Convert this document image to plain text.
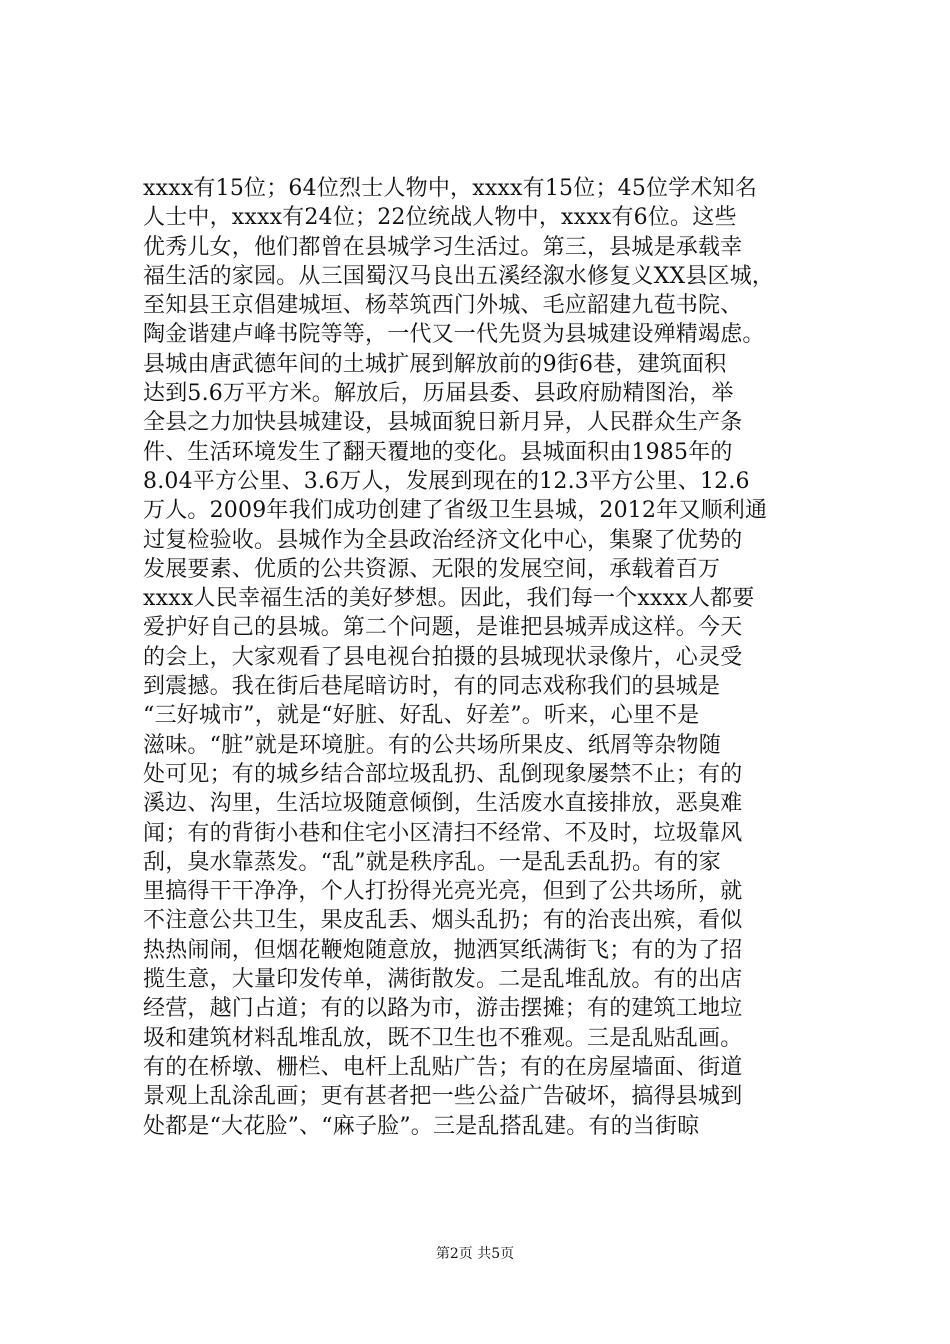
xxxx有15位；64位烈士人物中，xxxx有15位；45位学术知名
人士中，xxxx有24位；22位统战人物中，xxxx有6位。这些
优秀儿女，他们都曾在县城学习生活过。第三，县城是承载幸
福生活的家园。从三国蜀汉马良出五溪经溆水修复义XX县区城，
至知县王京倡建城垣、杨萃筑西门外城、毛应韶建九苞书院、
陶金谐建卢峰书院等等，一代又一代先贤为县城建设殚精竭虑。
县城由唐武德年间的土城扩展到解放前的9街6巷，建筑面积
达到5.6万平方米。解放后，历届县委、县政府励精图治，举
全县之力加快县城建设，县城面貌日新月异，人民群众生产条
件、生活环境发生了翻天覆地的变化。县城面积由1985年的
8.04平方公里、3.6万人，发展到现在的12.3平方公里、12.6
万人。2009年我们成功创建了省级卫生县城，2012年又顺利通
过复检验收。县城作为全县政治经济文化中心，集聚了优势的
发展要素、优质的公共资源、无限的发展空间，承载着百万
xxxx人民幸福生活的美好梦想。因此，我们每一个xxxx人都要
爱护好自己的县城。第二个问题，是谁把县城弄成这样。今天
的会上，大家观看了县电视台拍摄的县城现状录像片，心灵受
到震撼。我在街后巷尾暗访时，有的同志戏称我们的县城是
“三好城市”，就是“好脏、好乱、好差”。听来，心里不是
滋味。“脏”就是环境脏。有的公共场所果皮、纸屑等杂物随
处可见；有的城乡结合部垃圾乱扔、乱倒现象屡禁不止；有的
溪边、沟里，生活垃圾随意倾倒，生活废水直接排放，恶臭难
闻；有的背街小巷和住宅小区清扫不经常、不及时，垃圾靠风
刮，臭水靠蒸发。“乱”就是秩序乱。一是乱丢乱扔。有的家
里搞得干干净净，个人打扮得光亮光亮，但到了公共场所，就
不注意公共卫生，果皮乱丢、烟头乱扔；有的治丧出殡，看似
热热闹闹，但烟花鞭炮随意放，抛洒冥纸满街飞；有的为了招
揽生意，大量印发传单，满街散发。二是乱堆乱放。有的出店
经营，越门占道；有的以路为市，游击摆摊；有的建筑工地垃
圾和建筑材料乱堆乱放，既不卫生也不雅观。三是乱贴乱画。
有的在桥墩、栅栏、电杆上乱贴广告；有的在房屋墙面、街道
景观上乱涂乱画；更有甚者把一些公益广告破坏，搞得县城到
处都是“大花脸”、“麻子脸”。三是乱搭乱建。有的当街晾
第2页 共5页
